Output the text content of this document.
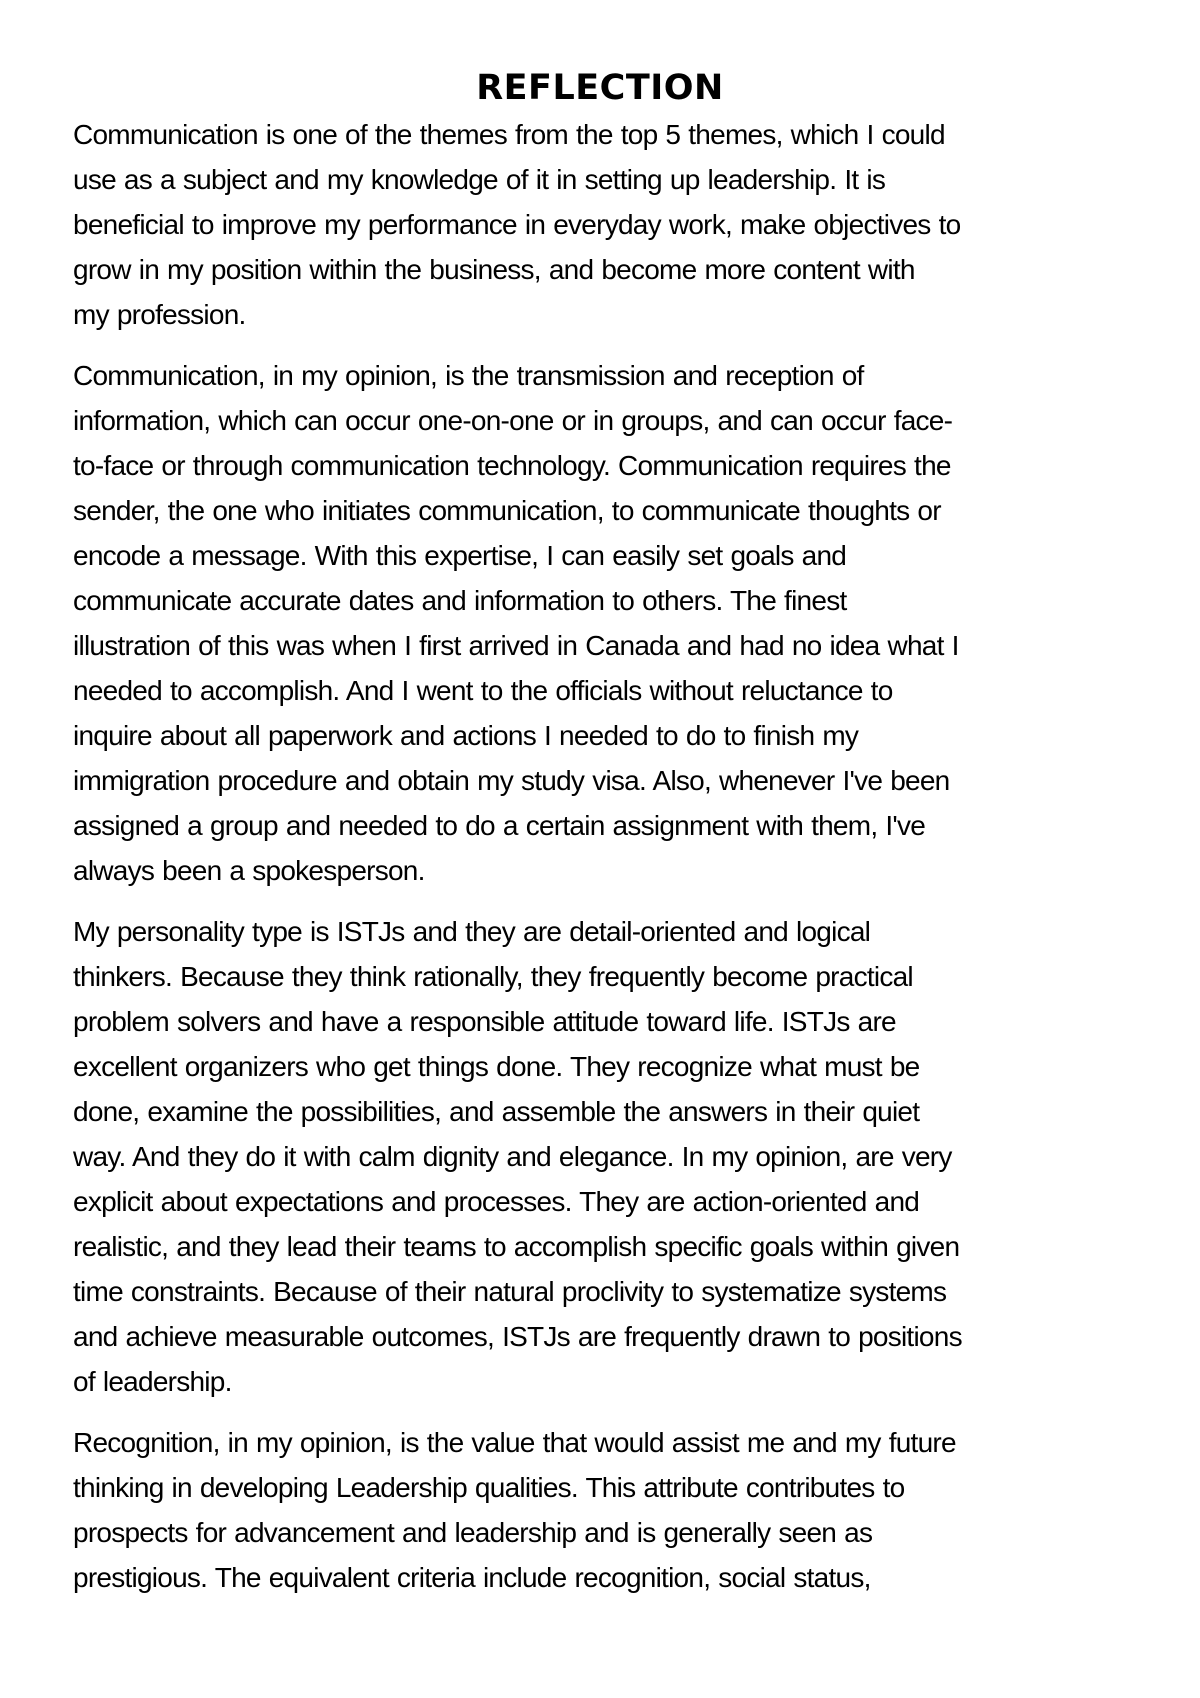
REFLECTION
Communication is one of the themes from the top 5 themes, which I could
use as a subject and my knowledge of it in setting up leadership. It is
beneficial to improve my performance in everyday work, make objectives to
grow in my position within the business, and become more content with
my profession.
Communication, in my opinion, is the transmission and reception of
information, which can occur one-on-one or in groups, and can occur face-
to-face or through communication technology. Communication requires the
sender, the one who initiates communication, to communicate thoughts or
encode a message. With this expertise, I can easily set goals and
communicate accurate dates and information to others. The finest
illustration of this was when I first arrived in Canada and had no idea what I
needed to accomplish. And I went to the officials without reluctance to
inquire about all paperwork and actions I needed to do to finish my
immigration procedure and obtain my study visa. Also, whenever I've been
assigned a group and needed to do a certain assignment with them, I've
always been a spokesperson.
My personality type is ISTJs and they are detail-oriented and logical
thinkers. Because they think rationally, they frequently become practical
problem solvers and have a responsible attitude toward life. ISTJs are
excellent organizers who get things done. They recognize what must be
done, examine the possibilities, and assemble the answers in their quiet
way. And they do it with calm dignity and elegance. In my opinion, are very
explicit about expectations and processes. They are action-oriented and
realistic, and they lead their teams to accomplish specific goals within given
time constraints. Because of their natural proclivity to systematize systems
and achieve measurable outcomes, ISTJs are frequently drawn to positions
of leadership.
Recognition, in my opinion, is the value that would assist me and my future
thinking in developing Leadership qualities. This attribute contributes to
prospects for advancement and leadership and is generally seen as
prestigious. The equivalent criteria include recognition, social status,
